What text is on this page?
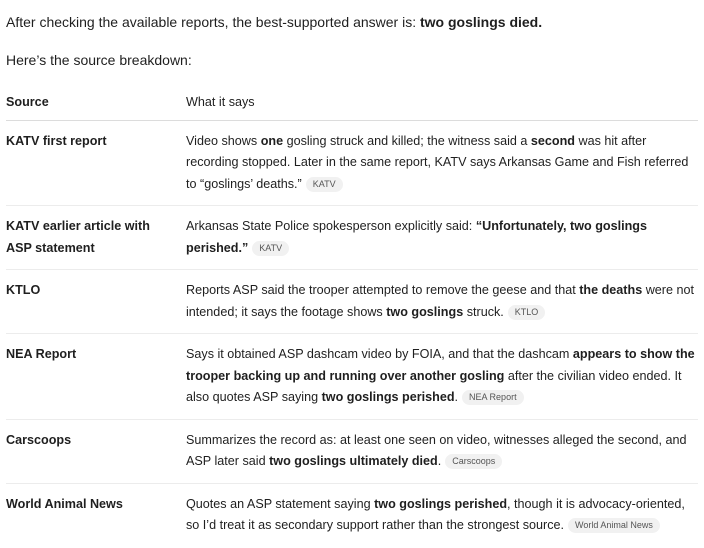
After checking the available reports, the best-supported answer is: two goslings died.

Here’s the source breakdown:

Source	What it says
KATV first report	Video shows one gosling struck and killed; the witness said a second was hit after recording stopped. Later in the same report, KATV says Arkansas Game and Fish referred to “goslings’ deaths.” KATV
KATV earlier article with ASP statement	Arkansas State Police spokesperson explicitly said: “Unfortunately, two goslings perished.” KATV
KTLO	Reports ASP said the trooper attempted to remove the geese and that the deaths were not intended; it says the footage shows two goslings struck. KTLO
NEA Report	Says it obtained ASP dashcam video by FOIA, and that the dashcam appears to show the trooper backing up and running over another gosling after the civilian video ended. It also quotes ASP saying two goslings perished. NEA Report
Carscoops	Summarizes the record as: at least one seen on video, witnesses alleged the second, and ASP later said two goslings ultimately died. Carscoops
World Animal News	Quotes an ASP statement saying two goslings perished, though it is advocacy-oriented, so I’d treat it as secondary support rather than the strongest source. World Animal News
